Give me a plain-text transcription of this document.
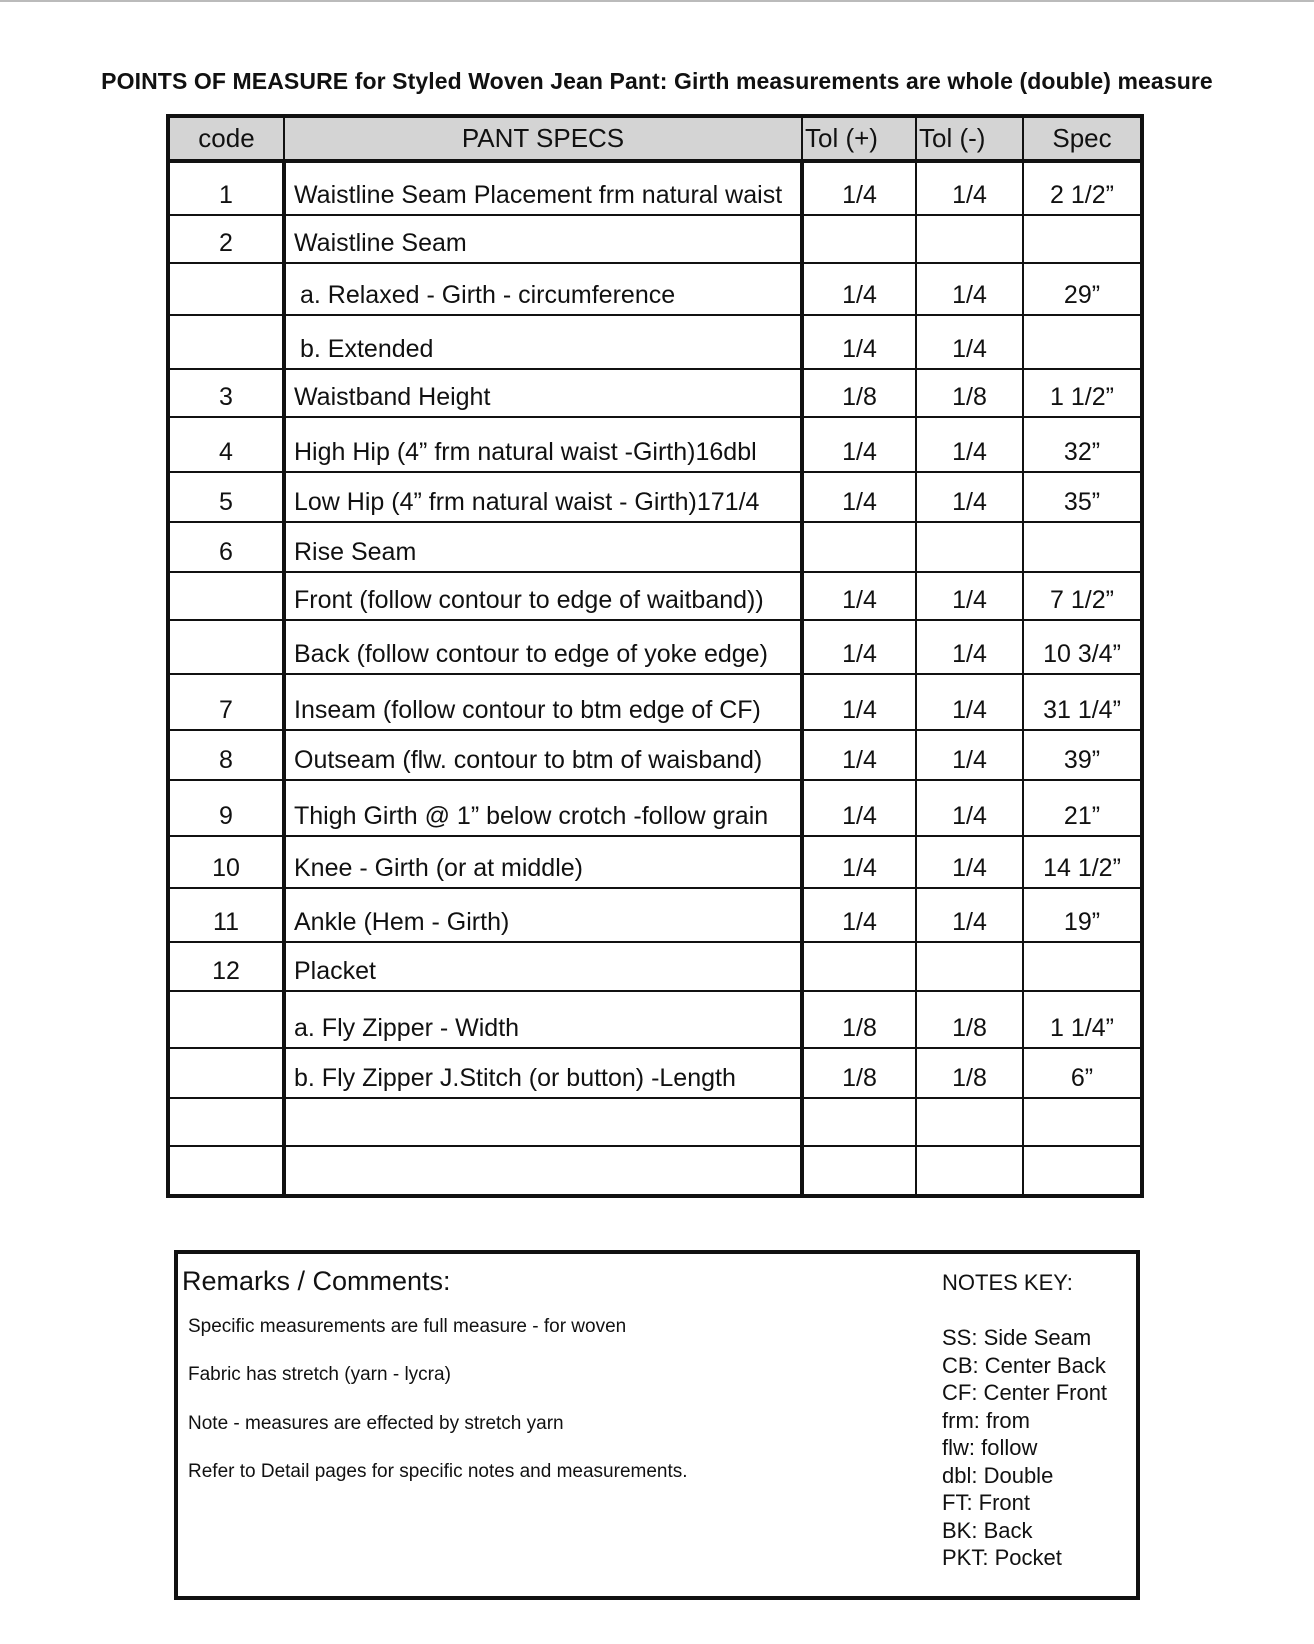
POINTS OF MEASURE for Styled Woven Jean Pant: Girth measurements are whole (double) measure
code	PANT SPECS	Tol (+)	Tol (-)	Spec
1	Waistline Seam Placement frm natural waist	1/4	1/4	2 1/2”
2	Waistline Seam			
	a. Relaxed - Girth - circumference	1/4	1/4	29”
	b. Extended	1/4	1/4	
3	Waistband Height	1/8	1/8	1 1/2”
4	High Hip (4” frm natural waist -Girth)16dbl	1/4	1/4	32”
5	Low Hip (4” frm natural waist - Girth)171/4	1/4	1/4	35”
6	Rise Seam			
	Front (follow contour to edge of waitband))	1/4	1/4	7 1/2”
	Back (follow contour to edge of yoke edge)	1/4	1/4	10 3/4”
7	Inseam (follow contour to btm edge of CF)	1/4	1/4	31 1/4”
8	Outseam (flw. contour to btm of waisband)	1/4	1/4	39”
9	Thigh Girth @ 1” below crotch -follow grain	1/4	1/4	21”
10	Knee - Girth (or at middle)	1/4	1/4	14 1/2”
11	Ankle (Hem - Girth)	1/4	1/4	19”
12	Placket			
	a. Fly Zipper - Width	1/8	1/8	1 1/4”
	b. Fly Zipper J.Stitch (or button) -Length	1/8	1/8	6”

Remarks / Comments:
Specific measurements are full measure - for woven
Fabric has stretch (yarn - lycra)
Note - measures are effected by stretch yarn
Refer to Detail pages for specific notes and measurements.
NOTES KEY:
SS: Side Seam
CB: Center Back
CF: Center Front
frm: from
flw: follow
dbl: Double
FT: Front
BK: Back
PKT: Pocket
